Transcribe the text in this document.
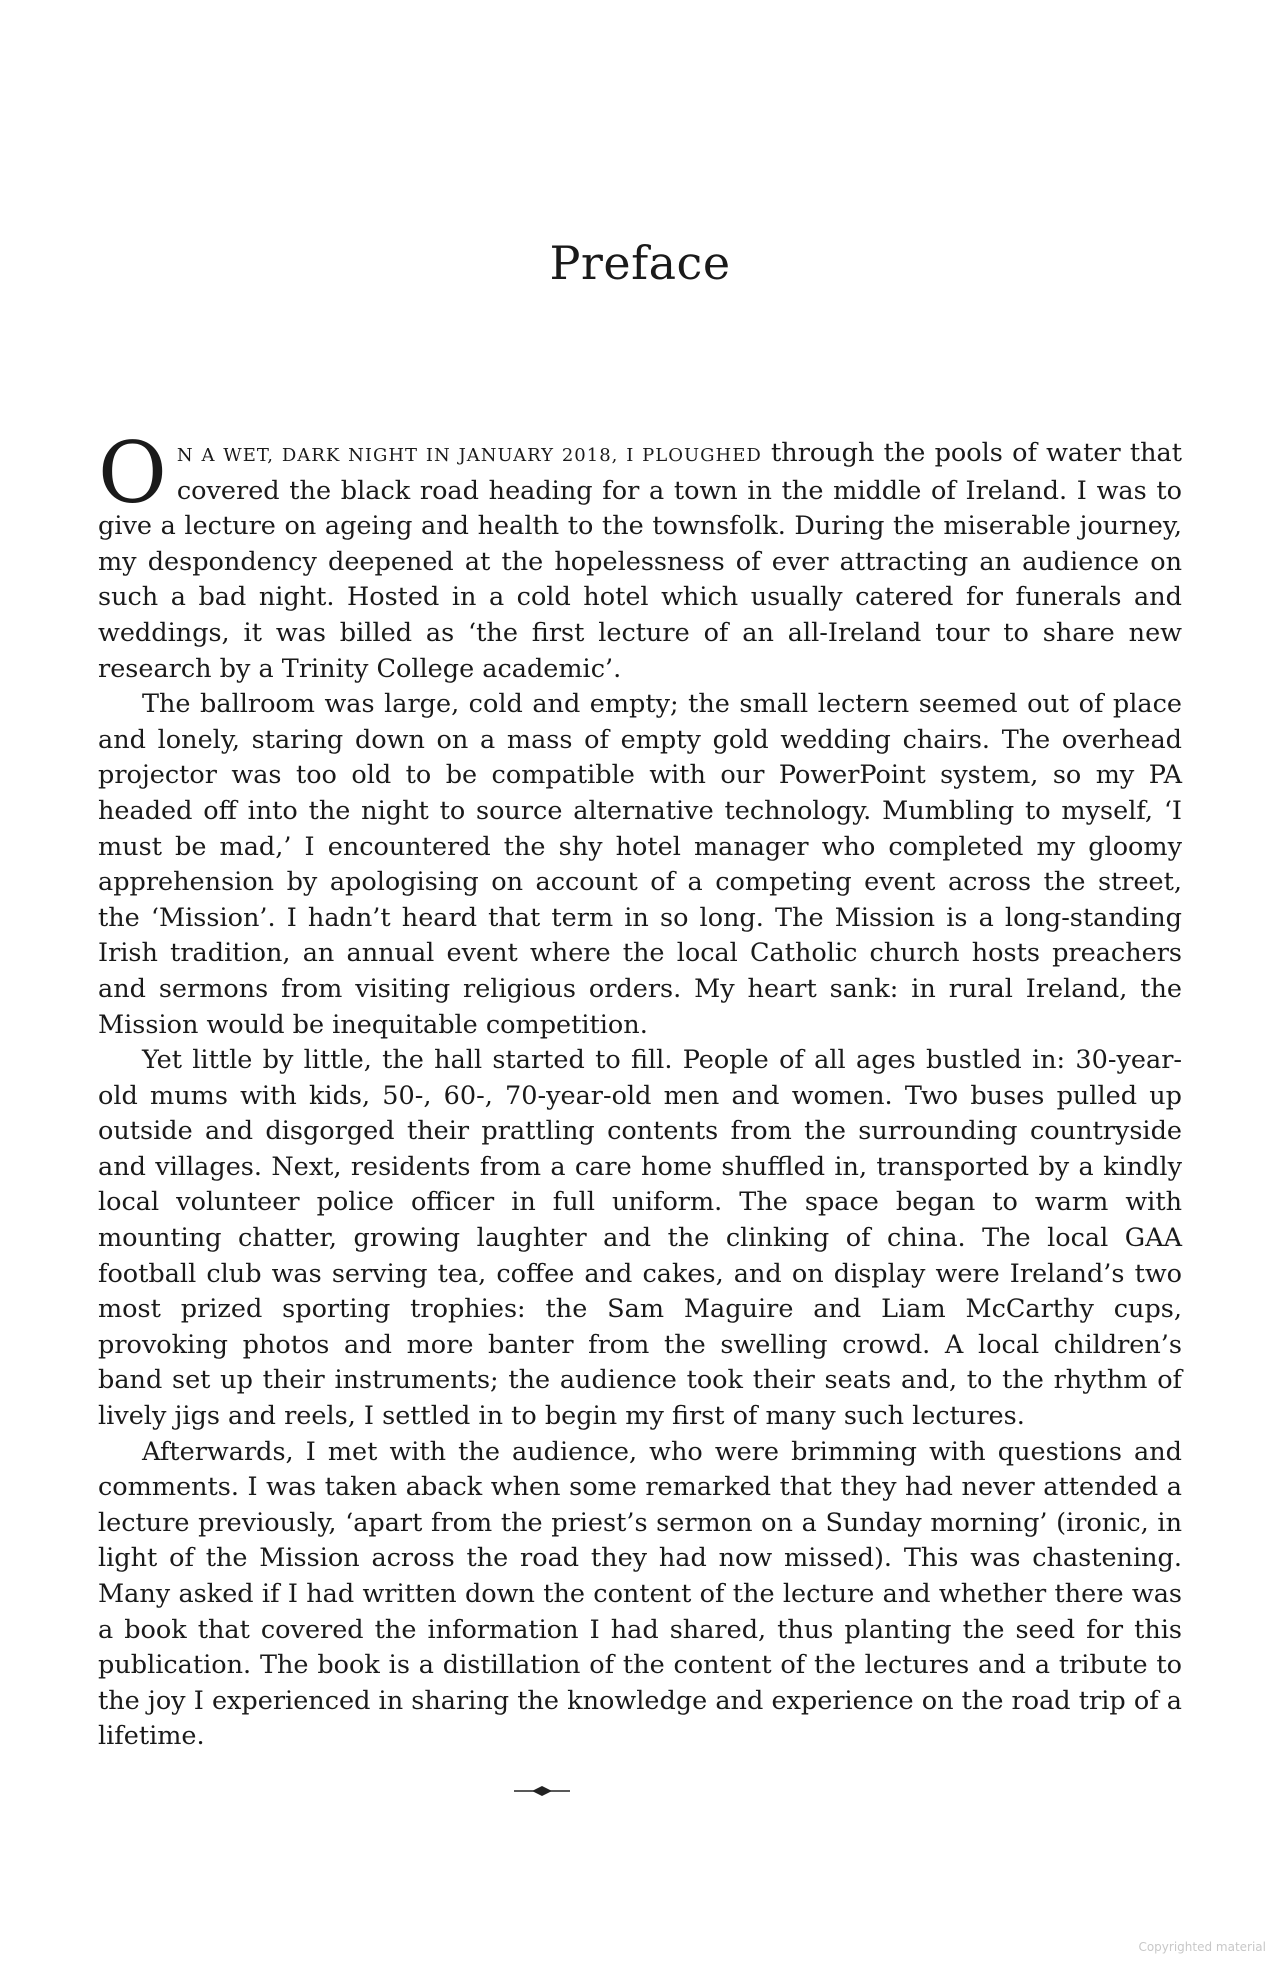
Preface

O N A WET, DARK NIGHT IN JANUARY 2018, I PLOUGHED through the pools of water that covered the black road heading for a town in the middle of Ireland. I was to give a lecture on ageing and health to the townsfolk. During the miserable journey, my despondency deepened at the hopelessness of ever attracting an audience on such a bad night. Hosted in a cold hotel which usually catered for funerals and weddings, it was billed as ‘the first lecture of an all-Ireland tour to share new research by a Trinity College academic’.

The ballroom was large, cold and empty; the small lectern seemed out of place and lonely, staring down on a mass of empty gold wedding chairs. The overhead projector was too old to be compatible with our PowerPoint system, so my PA headed off into the night to source alternative technology. Mumbling to myself, ‘I must be mad,’ I encountered the shy hotel manager who completed my gloomy apprehension by apologising on account of a competing event across the street, the ‘Mission’. I hadn’t heard that term in so long. The Mission is a long-standing Irish tradition, an annual event where the local Catholic church hosts preachers and sermons from visiting religious orders. My heart sank: in rural Ireland, the Mission would be inequitable competition.

Yet little by little, the hall started to fill. People of all ages bustled in: 30-year-old mums with kids, 50-, 60-, 70-year-old men and women. Two buses pulled up outside and disgorged their prattling contents from the surrounding countryside and villages. Next, residents from a care home shuffled in, transported by a kindly local volunteer police officer in full uniform. The space began to warm with mounting chatter, growing laughter and the clinking of china. The local GAA football club was serving tea, coffee and cakes, and on display were Ireland’s two most prized sporting trophies: the Sam Maguire and Liam McCarthy cups, provoking photos and more banter from the swelling crowd. A local children’s band set up their instruments; the audience took their seats and, to the rhythm of lively jigs and reels, I settled in to begin my first of many such lectures.

Afterwards, I met with the audience, who were brimming with questions and comments. I was taken aback when some remarked that they had never attended a lecture previously, ‘apart from the priest’s sermon on a Sunday morning’ (ironic, in light of the Mission across the road they had now missed). This was chastening. Many asked if I had written down the content of the lecture and whether there was a book that covered the information I had shared, thus planting the seed for this publication. The book is a distillation of the content of the lectures and a tribute to the joy I experienced in sharing the knowledge and experience on the road trip of a lifetime.

Copyrighted material
